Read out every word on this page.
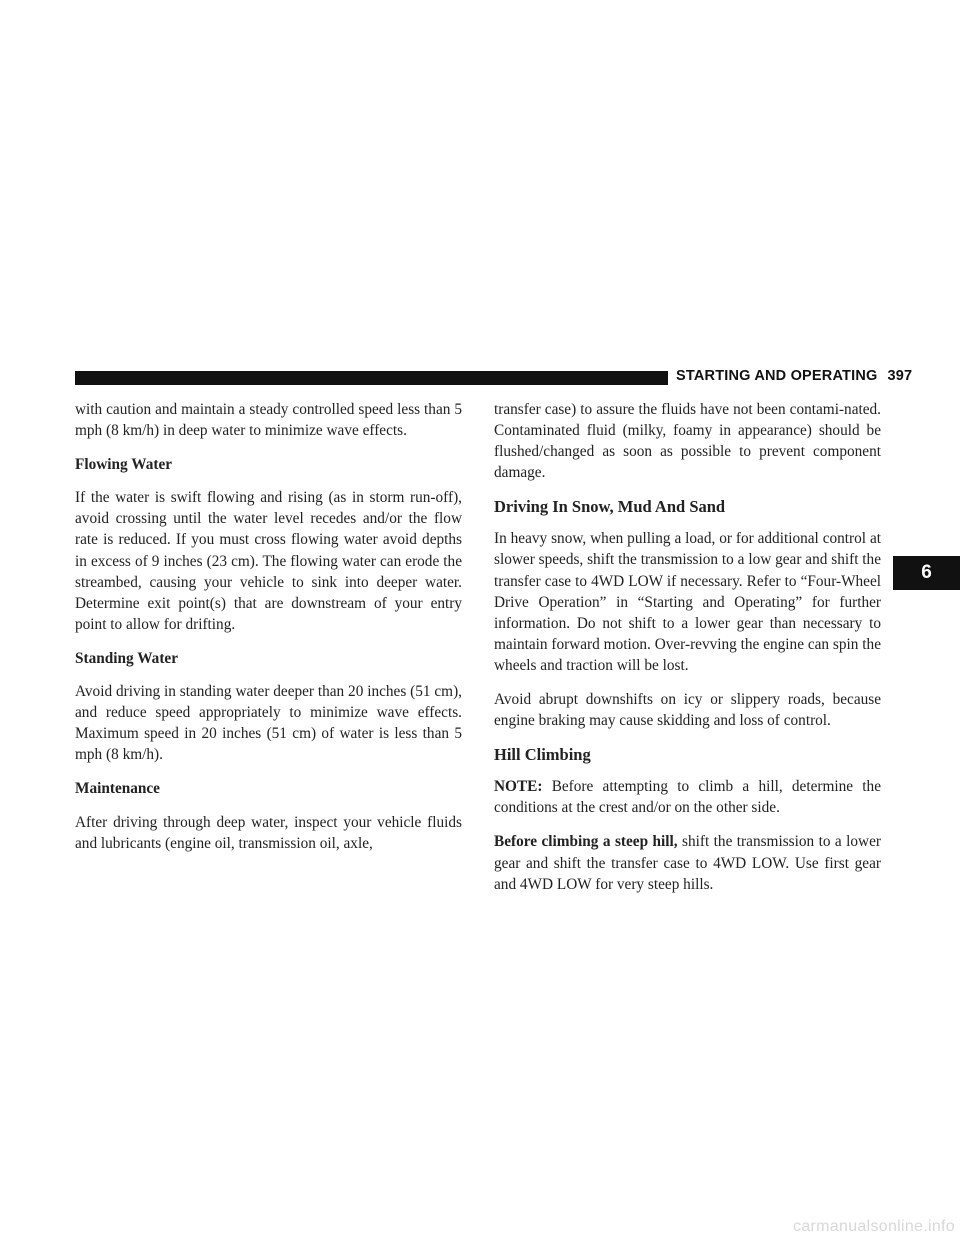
STARTING AND OPERATING 397
6

with caution and maintain a steady controlled speed less than 5 mph (8 km/h) in deep water to minimize wave effects.

Flowing Water

If the water is swift flowing and rising (as in storm run-off), avoid crossing until the water level recedes and/or the flow rate is reduced. If you must cross flowing water avoid depths in excess of 9 inches (23 cm). The flowing water can erode the streambed, causing your vehicle to sink into deeper water. Determine exit point(s) that are downstream of your entry point to allow for drifting.

Standing Water

Avoid driving in standing water deeper than 20 inches (51 cm), and reduce speed appropriately to minimize wave effects. Maximum speed in 20 inches (51 cm) of water is less than 5 mph (8 km/h).

Maintenance

After driving through deep water, inspect your vehicle fluids and lubricants (engine oil, transmission oil, axle,

transfer case) to assure the fluids have not been contami-nated. Contaminated fluid (milky, foamy in appearance) should be flushed/changed as soon as possible to prevent component damage.

Driving In Snow, Mud And Sand

In heavy snow, when pulling a load, or for additional control at slower speeds, shift the transmission to a low gear and shift the transfer case to 4WD LOW if necessary. Refer to “Four-Wheel Drive Operation” in “Starting and Operating” for further information. Do not shift to a lower gear than necessary to maintain forward motion. Over-revving the engine can spin the wheels and traction will be lost.

Avoid abrupt downshifts on icy or slippery roads, because engine braking may cause skidding and loss of control.

Hill Climbing

NOTE: Before attempting to climb a hill, determine the conditions at the crest and/or on the other side.

Before climbing a steep hill, shift the transmission to a lower gear and shift the transfer case to 4WD LOW. Use first gear and 4WD LOW for very steep hills.

carmanualsonline.info
